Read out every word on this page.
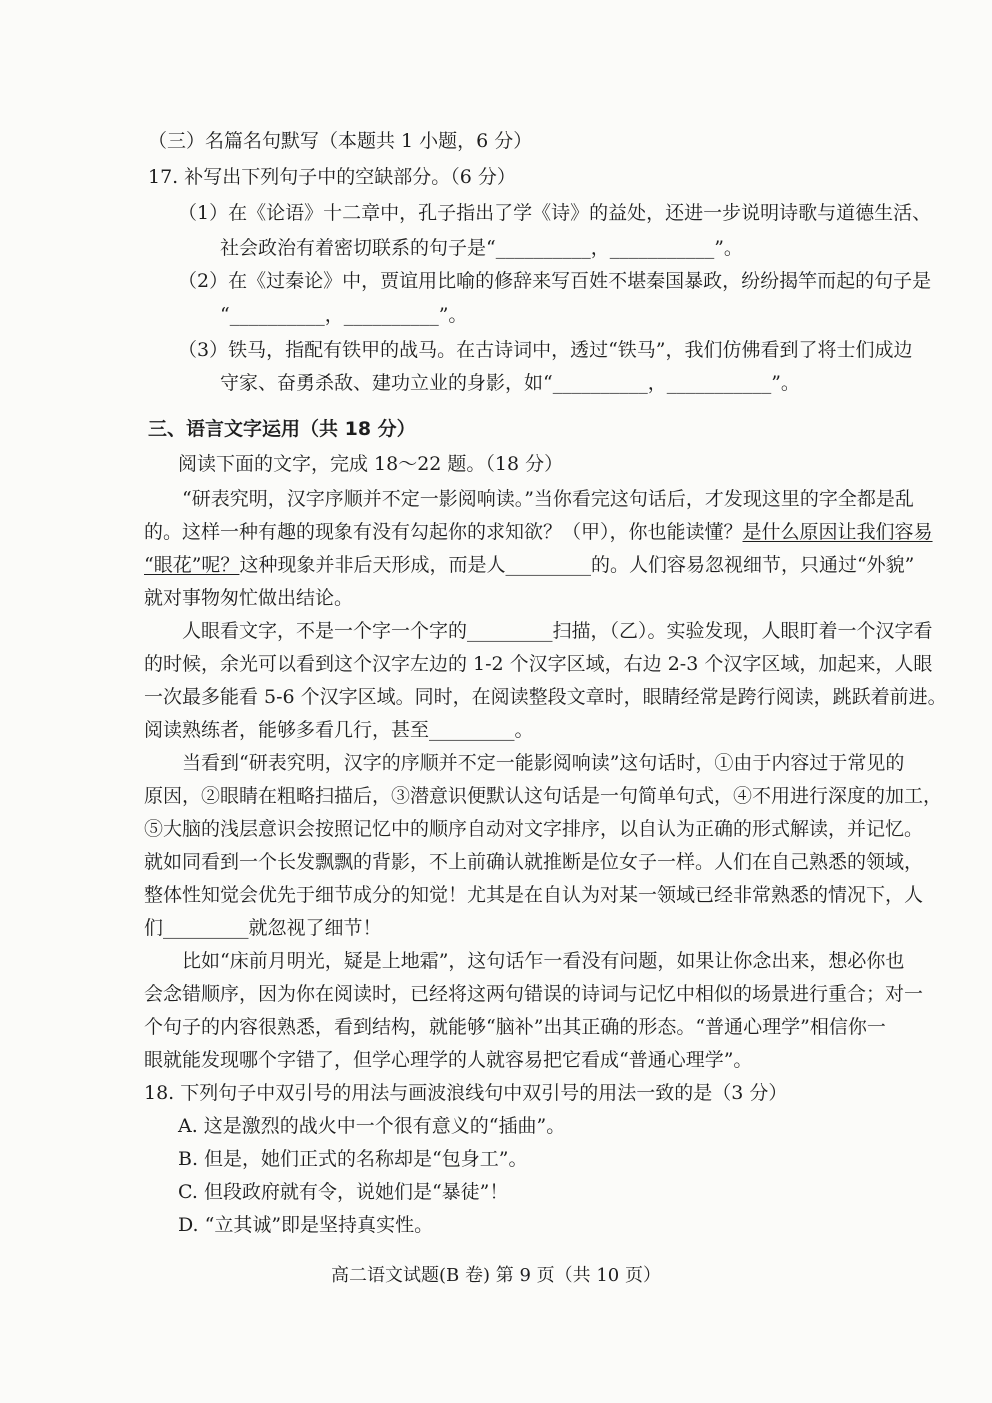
（三）名篇名句默写（本题共 1 小题，6 分）
17. 补写出下列句子中的空缺部分。（6 分）
（1）在《论语》十二章中，孔子指出了学《诗》的益处，还进一步说明诗歌与道德生活、
社会政治有着密切联系的句子是“__________，___________”。
（2）在《过秦论》中，贾谊用比喻的修辞来写百姓不堪秦国暴政，纷纷揭竿而起的句子是
“__________，__________”。
（3）铁马，指配有铁甲的战马。在古诗词中，透过“铁马”，我们仿佛看到了将士们成边
守家、奋勇杀敌、建功立业的身影，如“__________，___________”。
三、语言文字运用（共 18 分）
阅读下面的文字，完成 18～22 题。（18 分）
“研表究明，汉字序顺并不定一影阅响读。”当你看完这句话后，才发现这里的字全都是乱
的。这样一种有趣的现象有没有勾起你的求知欲？（甲），你也能读懂？是什么原因让我们容易
“眼花”呢？这种现象并非后天形成，而是人_________的。人们容易忽视细节，只通过“外貌”
就对事物匆忙做出结论。
人眼看文字，不是一个字一个字的_________扫描，（乙）。实验发现，人眼盯着一个汉字看
的时候，余光可以看到这个汉字左边的 1-2 个汉字区域，右边 2-3 个汉字区域，加起来，人眼
一次最多能看 5-6 个汉字区域。同时，在阅读整段文章时，眼睛经常是跨行阅读，跳跃着前进。
阅读熟练者，能够多看几行，甚至_________。
当看到“研表究明，汉字的序顺并不定一能影阅响读”这句话时，①由于内容过于常见的
原因，②眼睛在粗略扫描后，③潜意识便默认这句话是一句简单句式，④不用进行深度的加工，
⑤大脑的浅层意识会按照记忆中的顺序自动对文字排序，以自认为正确的形式解读，并记忆。
就如同看到一个长发飘飘的背影，不上前确认就推断是位女子一样。人们在自己熟悉的领域，
整体性知觉会优先于细节成分的知觉！尤其是在自认为对某一领域已经非常熟悉的情况下，人
们_________就忽视了细节！
比如“床前月明光，疑是上地霜”，这句话乍一看没有问题，如果让你念出来，想必你也
会念错顺序，因为你在阅读时，已经将这两句错误的诗词与记忆中相似的场景进行重合；对一
个句子的内容很熟悉，看到结构，就能够“脑补”出其正确的形态。“普通心理学”相信你一
眼就能发现哪个字错了，但学心理学的人就容易把它看成“普通心理学”。
18. 下列句子中双引号的用法与画波浪线句中双引号的用法一致的是（3 分）
A. 这是激烈的战火中一个很有意义的“插曲”。
B. 但是，她们正式的名称却是“包身工”。
C. 但段政府就有令，说她们是“暴徒”！
D. “立其诚”即是坚持真实性。
高二语文试题(B 卷) 第 9 页（共 10 页）
